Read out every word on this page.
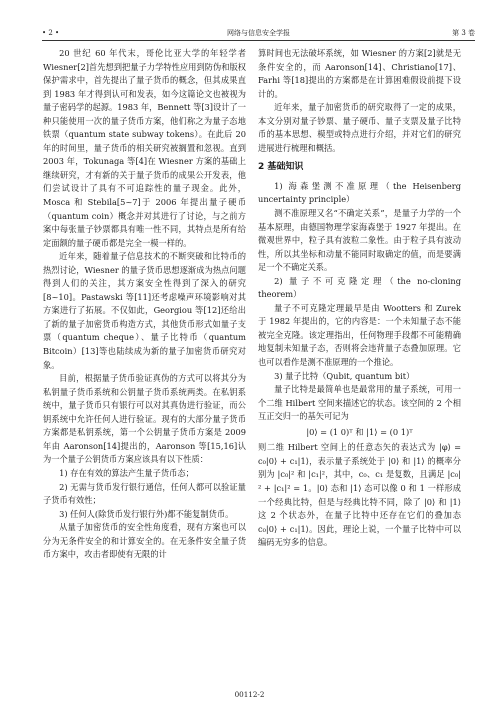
• 2 •	网络与信息安全学报	第 3 卷

20 世纪 60 年代末，哥伦比亚大学的年轻学者 Wiesner[2]首先想到把量子力学特性应用到防伪和版权保护需求中，首先提出了量子货币的概念，但其成果直到 1983 年才得到认可和发表，如今这篇论文也被视为量子密码学的起源。1983 年，Bennett 等[3]设计了一种只能使用一次的量子货币方案，他们称之为量子态地铁票（quantum state subway tokens）。在此后 20 年的时间里，量子货币的相关研究被搁置和忽视。直到 2003 年，Tokunaga 等[4]在 Wiesner 方案的基础上继续研究，才有新的关于量子货币的成果公开发表，他们尝试设计了具有不可追踪性的量子现金。此外，Mosca 和 Stebila[5~7]于 2006 年提出量子硬币（quantum coin）概念并对其进行了讨论，与之前方案中每张量子钞票都具有唯一性不同，其特点是所有给定面额的量子硬币都是完全一模一样的。

近年来，随着量子信息技术的不断突破和比特币的热烈讨论，Wiesner 的量子货币思想逐渐成为热点问题得到人们的关注，其方案安全性得到了深入的研究[8~10]。Pastawski 等[11]还考虑噪声环境影响对其方案进行了拓展。不仅如此，Georgiou 等[12]还给出了新的量子加密货币构造方式，其他货币形式如量子支票（quantum cheque）、量子比特币（quantum Bitcoin）[13]等也陆续成为新的量子加密货币研究对象。

目前，根据量子货币验证真伪的方式可以将其分为私钥量子货币系统和公钥量子货币系统两类。在私钥系统中，量子货币只有银行可以对其真伪进行验证，而公钥系统中允许任何人进行验证。现有的大部分量子货币方案都是私钥系统，第一个公钥量子货币方案是 2009 年由 Aaronson[14]提出的，Aaronson 等[15,16]认为一个量子公钥货币方案应该具有以下性质：

1) 存在有效的算法产生量子货币态；

2) 无需与货币发行银行通信，任何人都可以验证量子货币有效性；

3) 任何人(除货币发行银行外)都不能复制货币。

从量子加密货币的安全性角度看，现有方案也可以分为无条件安全的和计算安全的。在无条件安全量子货币方案中，攻击者即使有无限的计

算时间也无法破坏系统，如 Wiesner 的方案[2]就是无条件安全的，而 Aaronson[14]、Christiano[17]、Farhi 等[18]提出的方案都是在计算困难假设前提下设计的。

近年来，量子加密货币的研究取得了一定的成果，本文分别对量子钞票、量子硬币、量子支票及量子比特币的基本思想、模型或特点进行介绍，并对它们的研究进展进行梳理和概括。

2 基础知识

1) 海森堡测不准原理（the Heisenberg uncertainty principle）

测不准原理又名“不确定关系”，是量子力学的一个基本原理，由德国物理学家海森堡于 1927 年提出。在微观世界中，粒子具有波粒二象性。由于粒子具有波动性，所以其坐标和动量不能同时取确定的值，而是要满足一个不确定关系。

2) 量子不可克隆定理（the no-cloning theorem）

量子不可克隆定理最早是由 Wootters 和 Zurek 于 1982 年提出的，它的内容是：一个未知量子态不能被完全克隆。该定理指出，任何物理手段都不可能精确地复制未知量子态，否则将会违背量子态叠加原理。它也可以看作是测不准原理的一个推论。

3) 量子比特（Qubit, quantum bit）

量子比特是最简单也是最常用的量子系统，可用一个二维 Hilbert 空间来描述它的状态。该空间的 2 个相互正交归一的基矢可记为

|0⟩ = (1 0)ᵀ 和 |1⟩ = (0 1)ᵀ

则二维 Hilbert 空间上的任意态矢的表达式为 |φ⟩ = c₀|0⟩ + c₁|1⟩，表示量子系统处于 |0⟩ 和 |1⟩ 的概率分别为 |c₀|² 和 |c₁|²，其中，c₀、c₁ 是复数，且满足 |c₀|² + |c₁|² = 1。|0⟩ 态和 |1⟩ 态可以像 0 和 1 一样形成一个经典比特，但是与经典比特不同，除了 |0⟩ 和 |1⟩ 这 2 个状态外，在量子比特中还存在它们的叠加态 c₀|0⟩ + c₁|1⟩。因此，理论上说，一个量子比特中可以编码无穷多的信息。

00112-2
